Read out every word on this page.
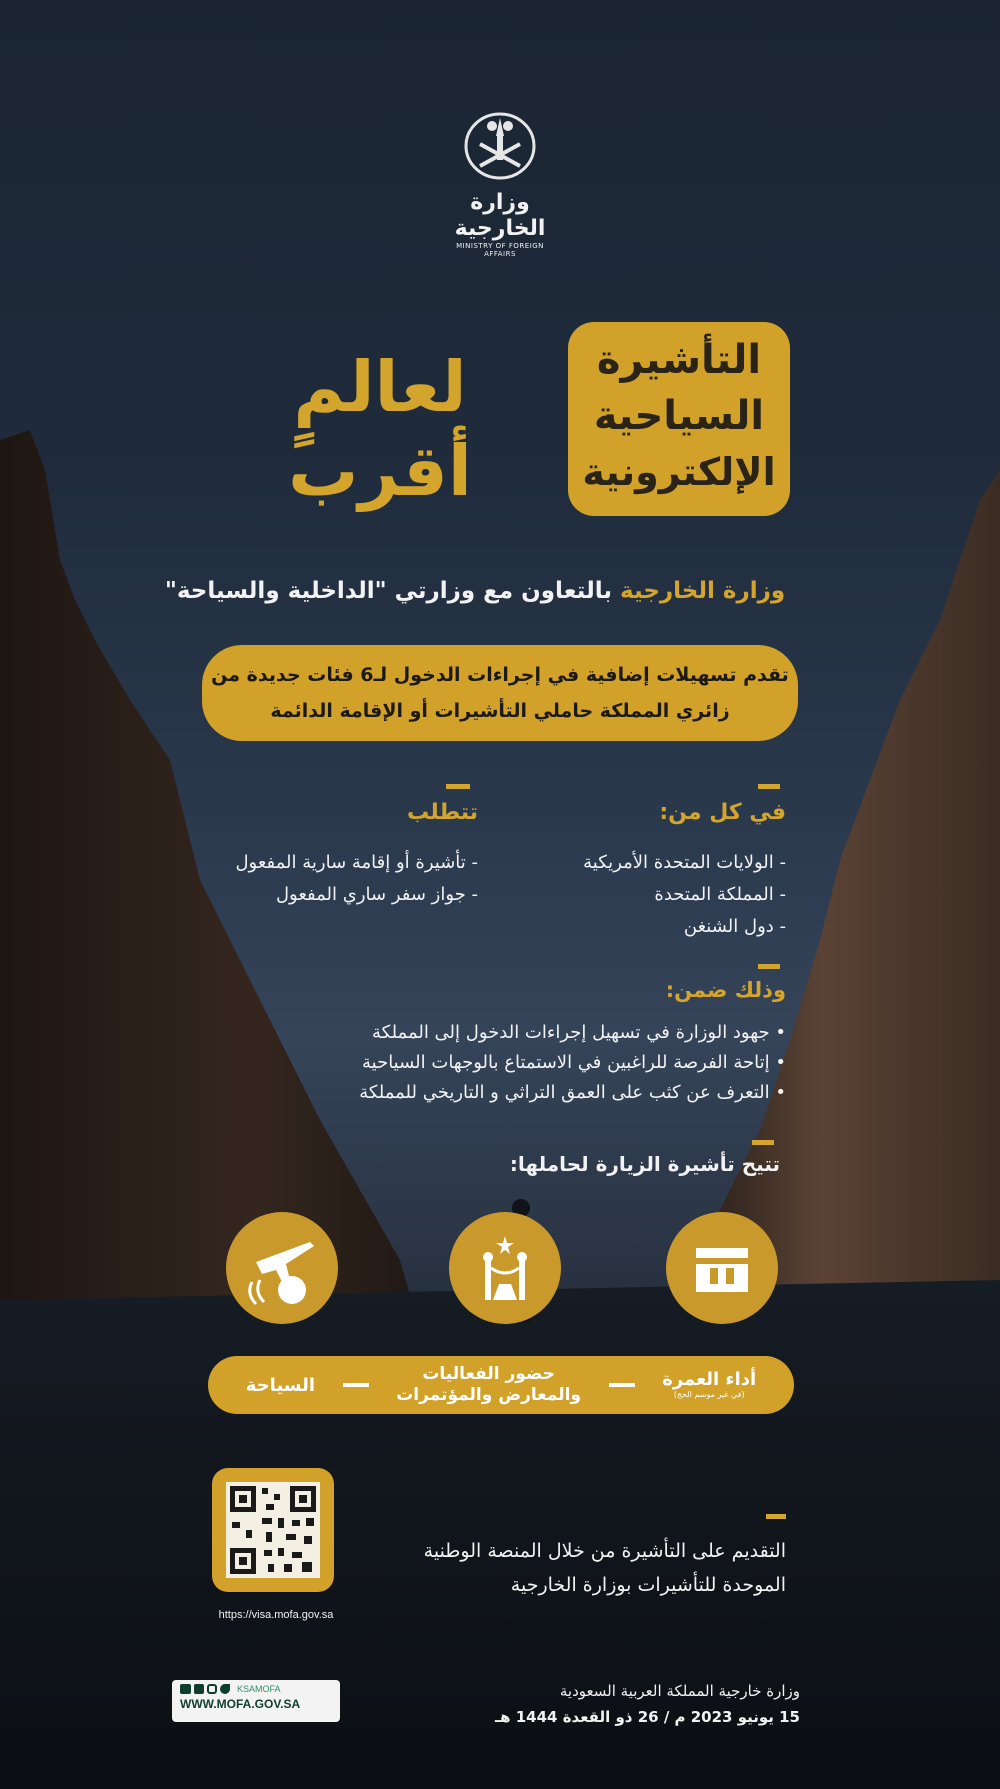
وزارة الخارجية
MINISTRY OF FOREIGN AFFAIRS
التأشيرة
السياحية
الإلكترونية
لعالمٍ
أقرب
وزارة الخارجية بالتعاون مع وزارتي "الداخلية والسياحة"
تقدم تسهيلات إضافية في إجراءات الدخول لـ6 فئات جديدة من
زائري المملكة حاملي التأشيرات أو الإقامة الدائمة
في كل من:
- الولايات المتحدة الأمريكية
- المملكة المتحدة
- دول الشنغن
تتطلب
- تأشيرة أو إقامة سارية المفعول
- جواز سفر ساري المفعول
وذلك ضمن:
• جهود الوزارة في تسهيل إجراءات الدخول إلى المملكة
• إتاحة الفرصة للراغبين في الاستمتاع بالوجهات السياحية
• التعرف عن كثب على العمق التراثي و التاريخي للمملكة
تتيح تأشيرة الزيارة لحاملها:
أداء العمرة
(في غير موسم الحج)
حضور الفعاليات
والمعارض والمؤتمرات
السياحة
https://visa.mofa.gov.sa
التقديم على التأشيرة من خلال المنصة الوطنية
الموحدة للتأشيرات بوزارة الخارجية
KSAMOFA
WWW.MOFA.GOV.SA
وزارة خارجية المملكة العربية السعودية
15 يونيو 2023 م / 26 ذو القعدة 1444 هـ
